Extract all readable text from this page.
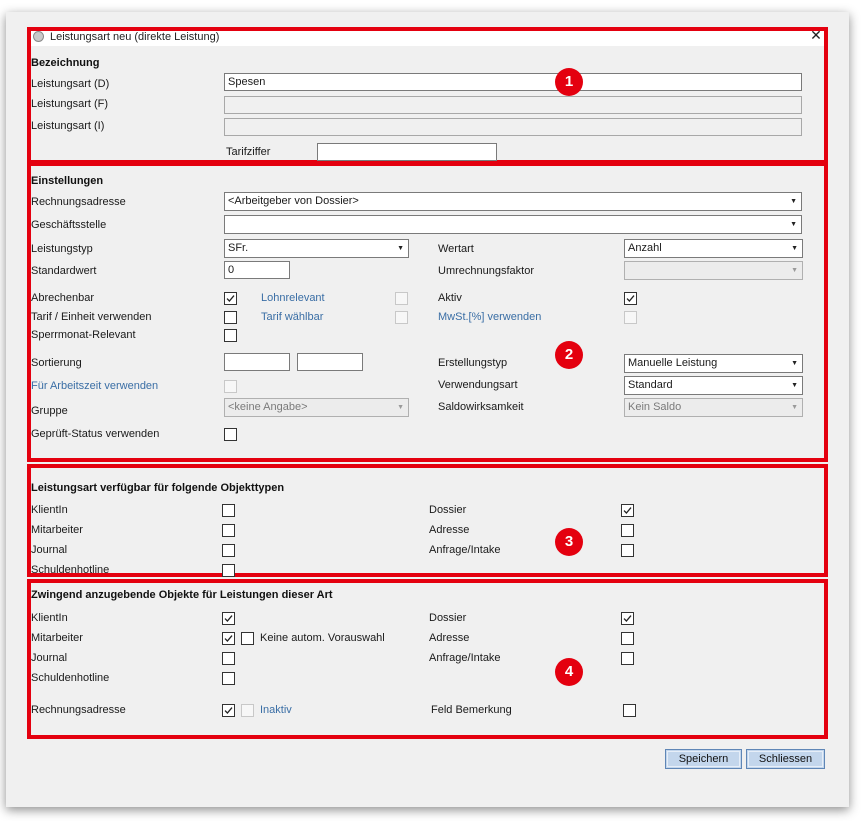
Leistungsart neu (direkte Leistung)	✕
Bezeichnung
Leistungsart (D)	Spesen
Leistungsart (F)
Leistungsart (I)
Tarifziffer
1
Einstellungen
Rechnungsadresse	<Arbeitgeber von Dossier>	▼
Geschäftsstelle	▼
Leistungstyp	SFr.	▼	Wertart	Anzahl	▼
Standardwert	0	Umrechnungsfaktor	▼
Abrechenbar	Lohnrelevant	Aktiv
Tarif / Einheit verwenden	Tarif wählbar	MwSt.[%] verwenden
Sperrmonat-Relevant
Sortierung	Erstellungstyp	Manuelle Leistung	▼
Für Arbeitszeit verwenden	Verwendungsart	Standard	▼
Gruppe	<keine Angabe>	▼	Saldowirksamkeit	Kein Saldo	▼
Geprüft-Status verwenden
2
Leistungsart verfügbar für folgende Objekttypen
KlientIn	Dossier
Mitarbeiter	Adresse
Journal	Anfrage/Intake
Schuldenhotline
3
Zwingend anzugebende Objekte für Leistungen dieser Art
KlientIn	Dossier
Mitarbeiter	Keine autom. Vorauswahl	Adresse
Journal	Anfrage/Intake
Schuldenhotline
Rechnungsadresse	Inaktiv	Feld Bemerkung
4
Speichern	Schliessen
